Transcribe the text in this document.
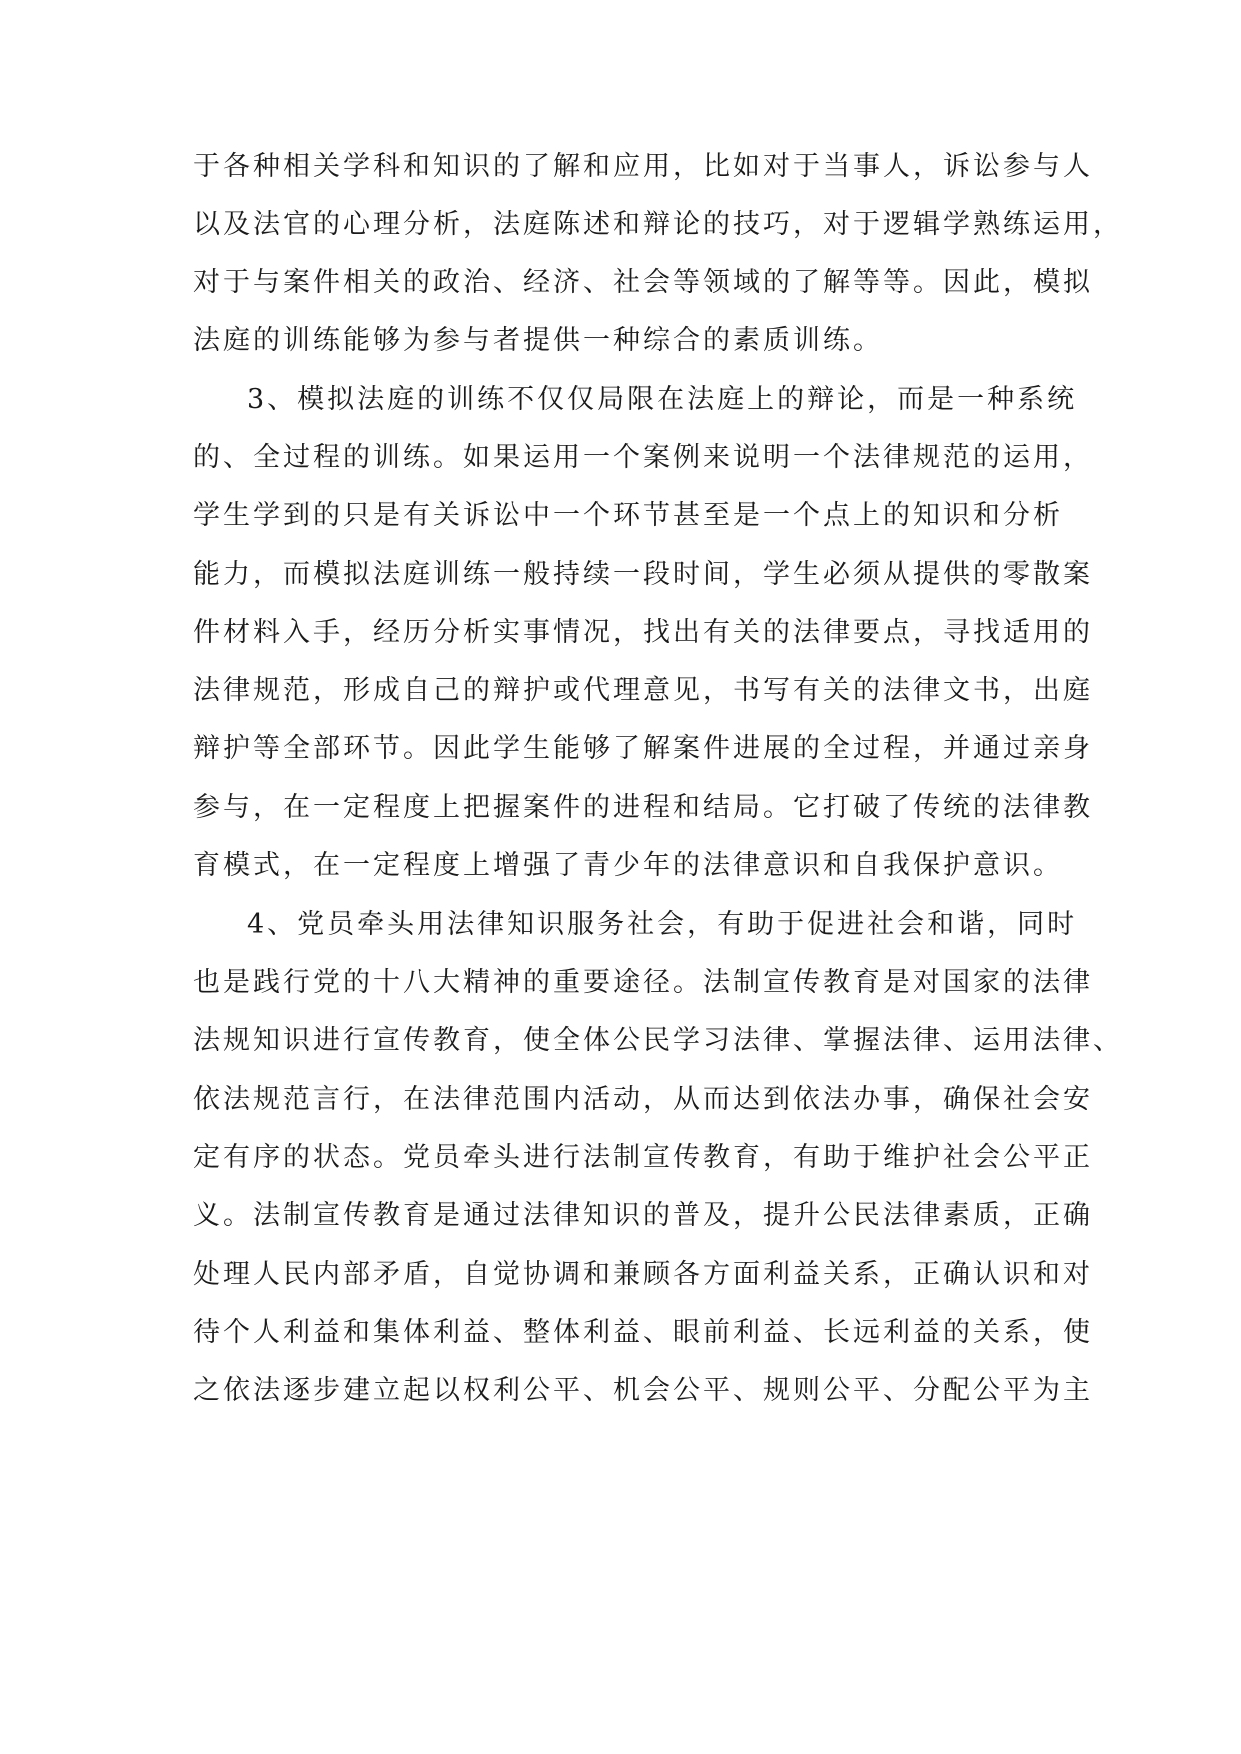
于各种相关学科和知识的了解和应用，比如对于当事人，诉讼参与人
以及法官的心理分析，法庭陈述和辩论的技巧，对于逻辑学熟练运用，
对于与案件相关的政治、经济、社会等领域的了解等等。因此，模拟
法庭的训练能够为参与者提供一种综合的素质训练。
3、模拟法庭的训练不仅仅局限在法庭上的辩论，而是一种系统
的、全过程的训练。如果运用一个案例来说明一个法律规范的运用，
学生学到的只是有关诉讼中一个环节甚至是一个点上的知识和分析
能力，而模拟法庭训练一般持续一段时间，学生必须从提供的零散案
件材料入手，经历分析实事情况，找出有关的法律要点，寻找适用的
法律规范，形成自己的辩护或代理意见，书写有关的法律文书，出庭
辩护等全部环节。因此学生能够了解案件进展的全过程，并通过亲身
参与，在一定程度上把握案件的进程和结局。它打破了传统的法律教
育模式，在一定程度上增强了青少年的法律意识和自我保护意识。
4、党员牵头用法律知识服务社会，有助于促进社会和谐，同时
也是践行党的十八大精神的重要途径。法制宣传教育是对国家的法律
法规知识进行宣传教育，使全体公民学习法律、掌握法律、运用法律、
依法规范言行，在法律范围内活动，从而达到依法办事，确保社会安
定有序的状态。党员牵头进行法制宣传教育，有助于维护社会公平正
义。法制宣传教育是通过法律知识的普及，提升公民法律素质，正确
处理人民内部矛盾，自觉协调和兼顾各方面利益关系，正确认识和对
待个人利益和集体利益、整体利益、眼前利益、长远利益的关系，使
之依法逐步建立起以权利公平、机会公平、规则公平、分配公平为主
